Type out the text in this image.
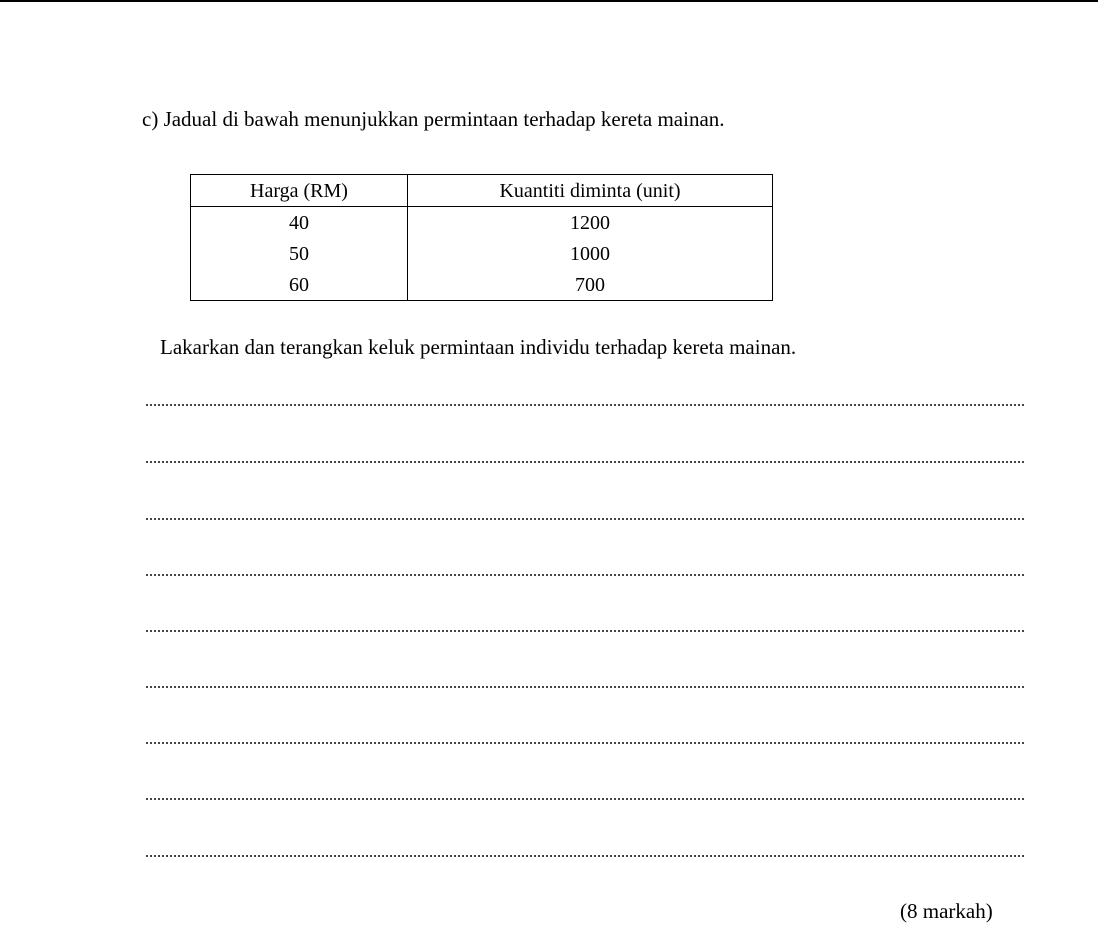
c) Jadual di bawah menunjukkan permintaan terhadap kereta mainan.
Harga (RM)	Kuantiti diminta (unit)
40	1200
50	1000
60	700
Lakarkan dan terangkan keluk permintaan individu terhadap kereta mainan.
(8 markah)
